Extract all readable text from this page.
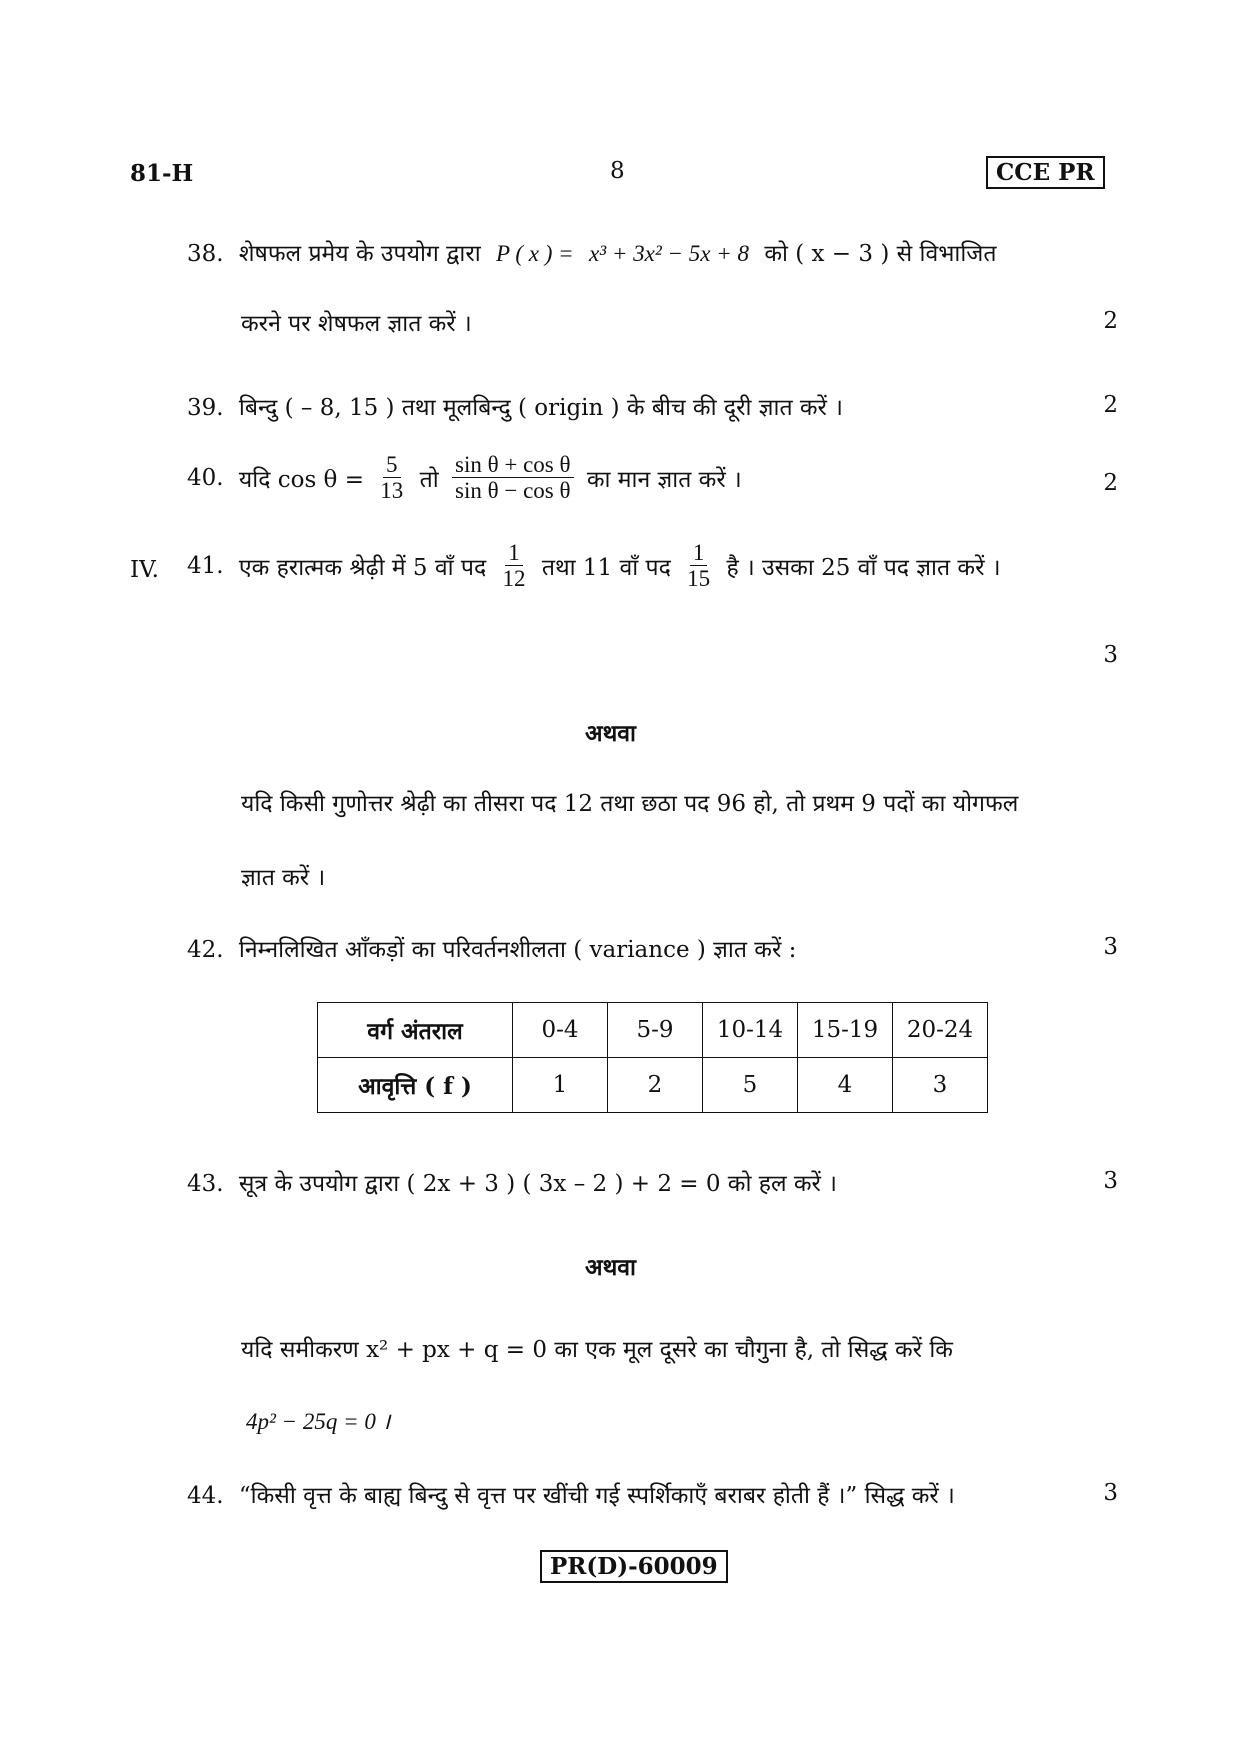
81-H	8	CCE PR
38. शेषफल प्रमेय के उपयोग द्वारा P ( x ) = x³ + 3x² − 5x + 8 को ( x − 3 ) से विभाजित
करने पर शेषफल ज्ञात करें ।	2
39. बिन्दु ( – 8, 15 ) तथा मूलबिन्दु ( origin ) के बीच की दूरी ज्ञात करें ।	2
40. यदि $\cos \theta = \frac{5}{13}$ तो $\frac{\text{sin θ + cos θ}}{\text{sin θ − cos θ}}$ का मान ज्ञात करें ।	2
IV. 41. एक हरात्मक श्रेढ़ी में 5 वाँ पद $\frac{1}{12}$ तथा 11 वाँ पद $\frac{1}{15}$ है । उसका 25 वाँ पद ज्ञात करें ।
3
अथवा
यदि किसी गुणोत्तर श्रेढ़ी का तीसरा पद 12 तथा छठा पद 96 हो, तो प्रथम 9 पदों का योगफल
ज्ञात करें ।
42. निम्नलिखित आँकड़ों का परिवर्तनशीलता ( variance ) ज्ञात करें :	3
वर्ग अंतराल	0-4	5-9	10-14	15-19	20-24
आवृत्ति ( f )	1	2	5	4	3
43. सूत्र के उपयोग द्वारा ( 2x + 3 ) ( 3x – 2 ) + 2 = 0 को हल करें ।	3
अथवा
यदि समीकरण x² + px + q = 0 का एक मूल दूसरे का चौगुना है, तो सिद्ध करें कि
4p² − 25q = 0 ।
44. “किसी वृत्त के बाह्य बिन्दु से वृत्त पर खींची गई स्पर्शिकाएँ बराबर होती हैं ।” सिद्ध करें ।	3
PR(D)-60009
